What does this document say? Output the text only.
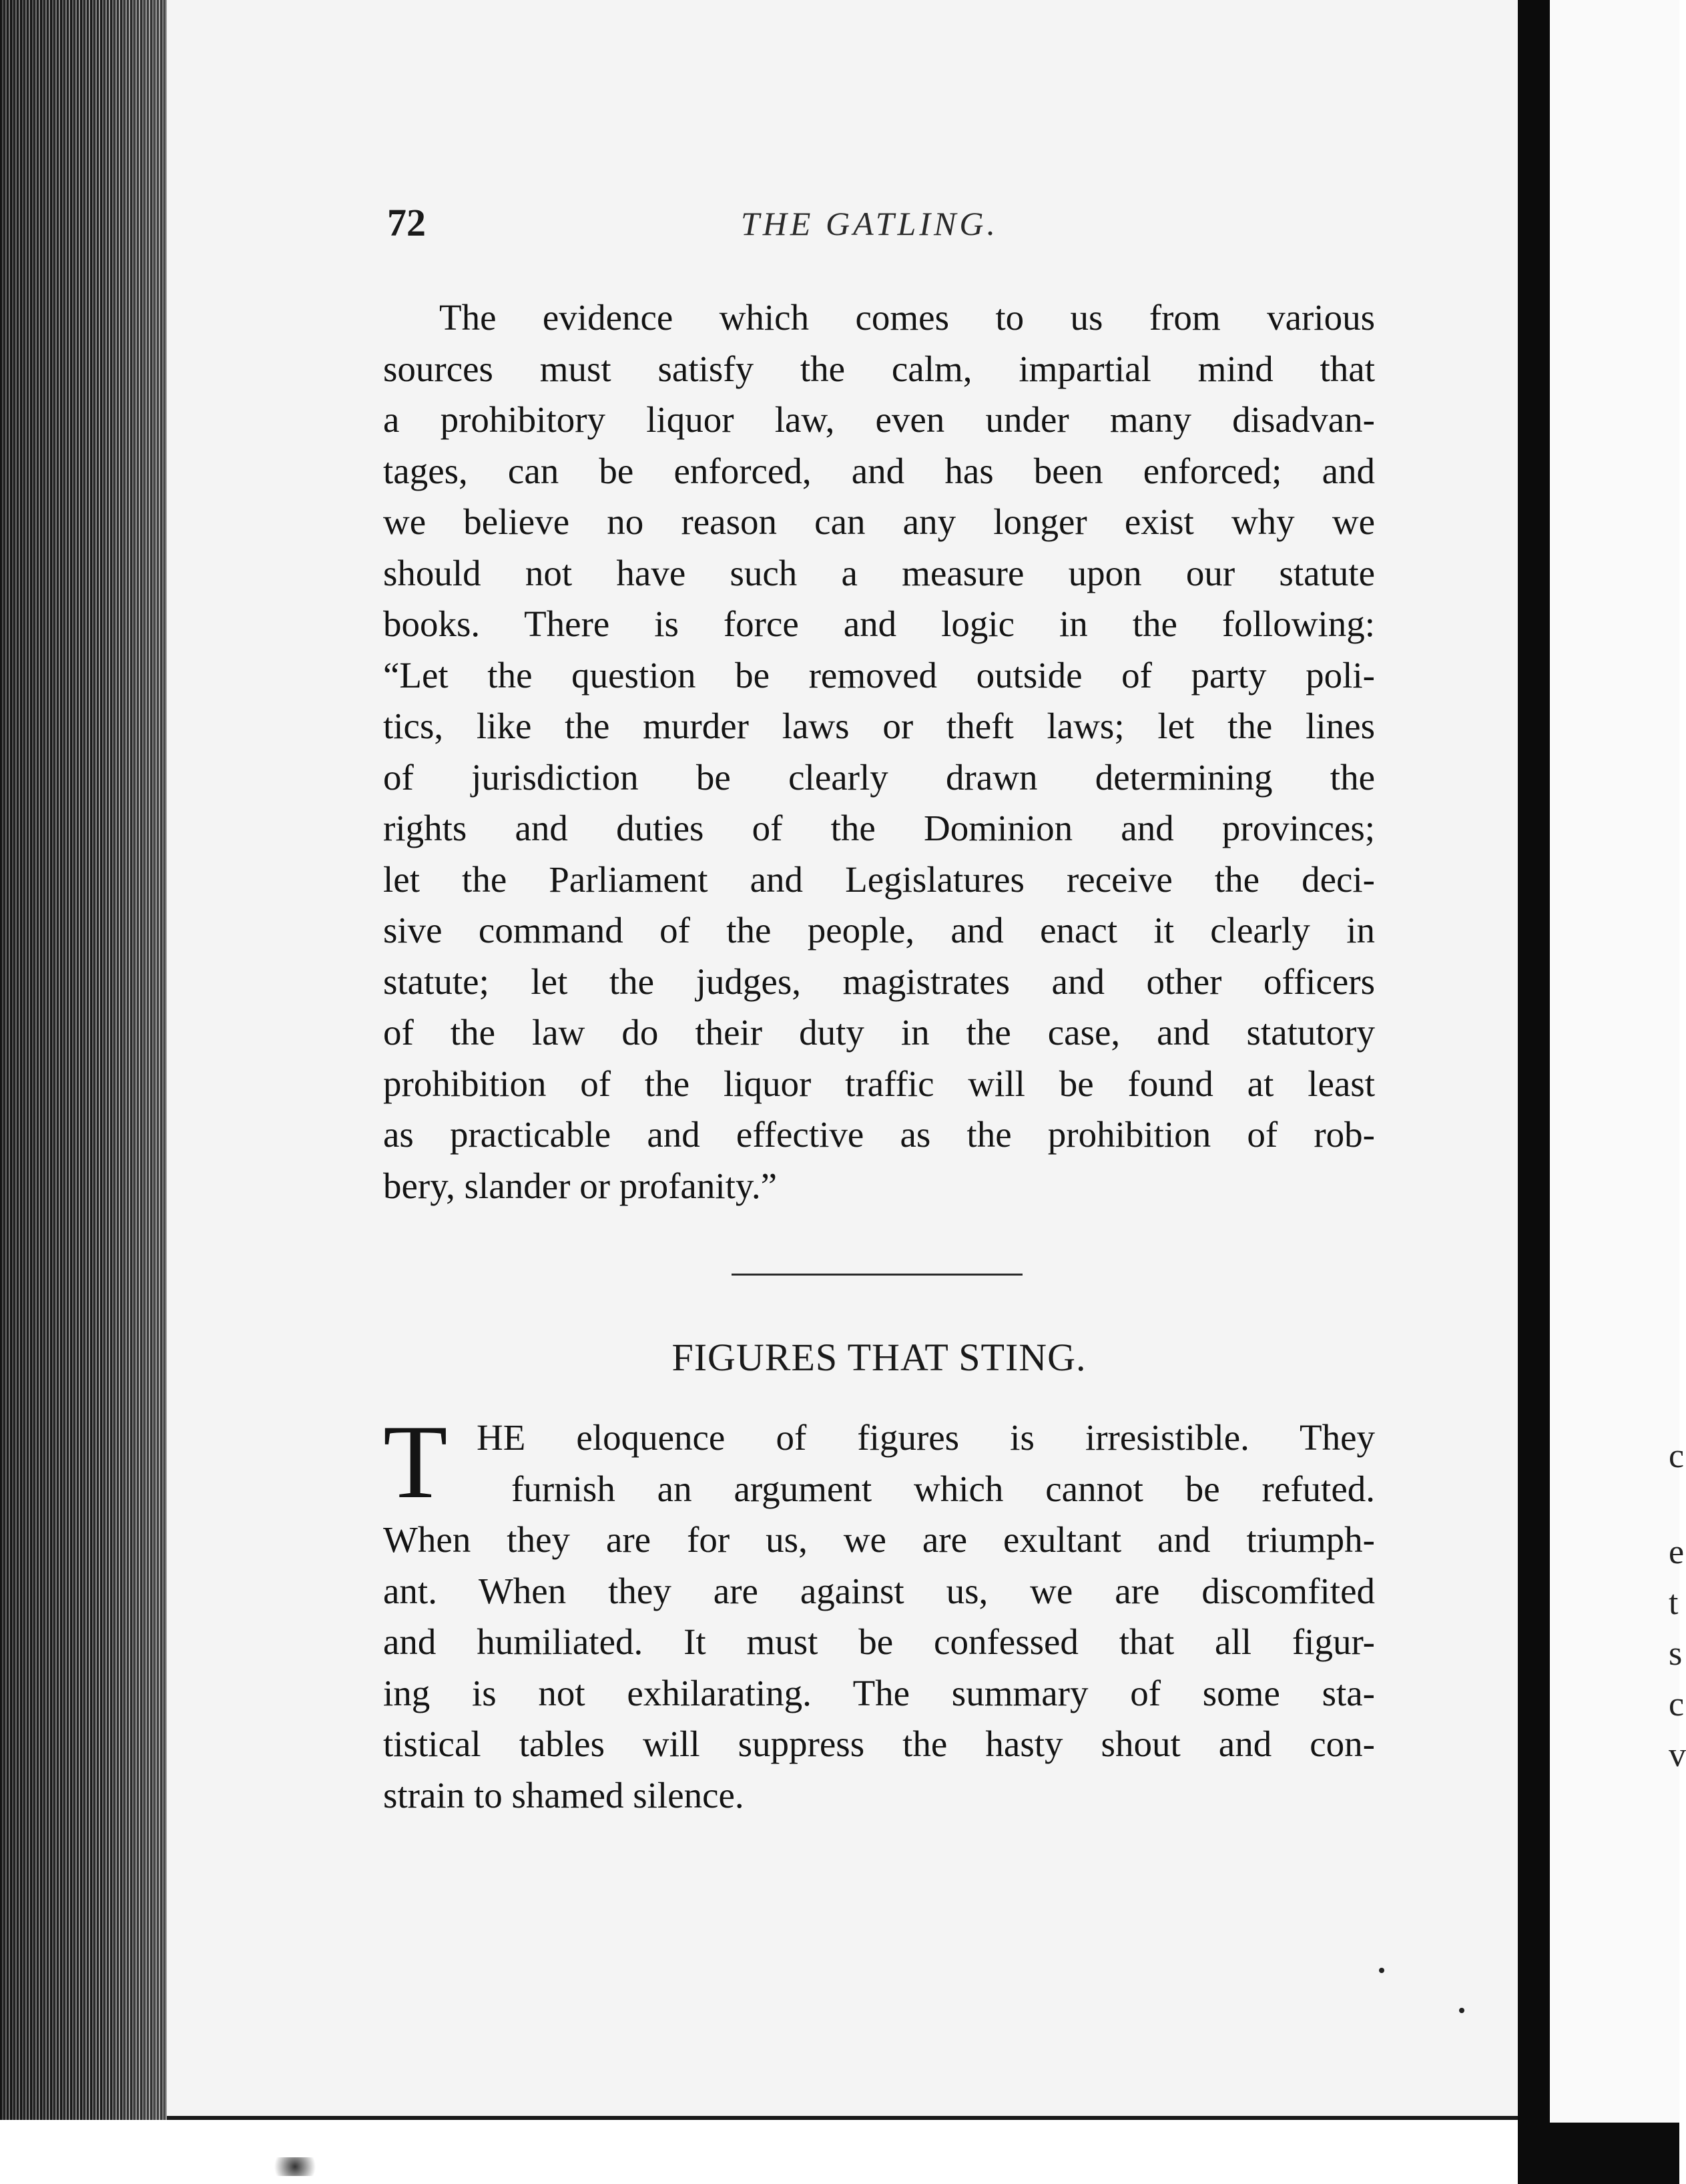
c
e
t
s
c
v
72	THE GATLING.
The evidence which comes to us from various
sources must satisfy the calm, impartial mind that
a prohibitory liquor law, even under many disadvan-
tages, can be enforced, and has been enforced; and
we believe no reason can any longer exist why we
should not have such a measure upon our statute
books. There is force and logic in the following:
“Let the question be removed outside of party poli-
tics, like the murder laws or theft laws; let the lines
of jurisdiction be clearly drawn determining the
rights and duties of the Dominion and provinces;
let the Parliament and Legislatures receive the deci-
sive command of the people, and enact it clearly in
statute; let the judges, magistrates and other officers
of the law do their duty in the case, and statutory
prohibition of the liquor traffic will be found at least
as practicable and effective as the prohibition of rob-
bery, slander or profanity.”
FIGURES THAT STING.
T HE eloquence of figures is irresistible. They
furnish an argument which cannot be refuted.
When they are for us, we are exultant and triumph-
ant. When they are against us, we are discomfited
and humiliated. It must be confessed that all figur-
ing is not exhilarating. The summary of some sta-
tistical tables will suppress the hasty shout and con-
strain to shamed silence.
